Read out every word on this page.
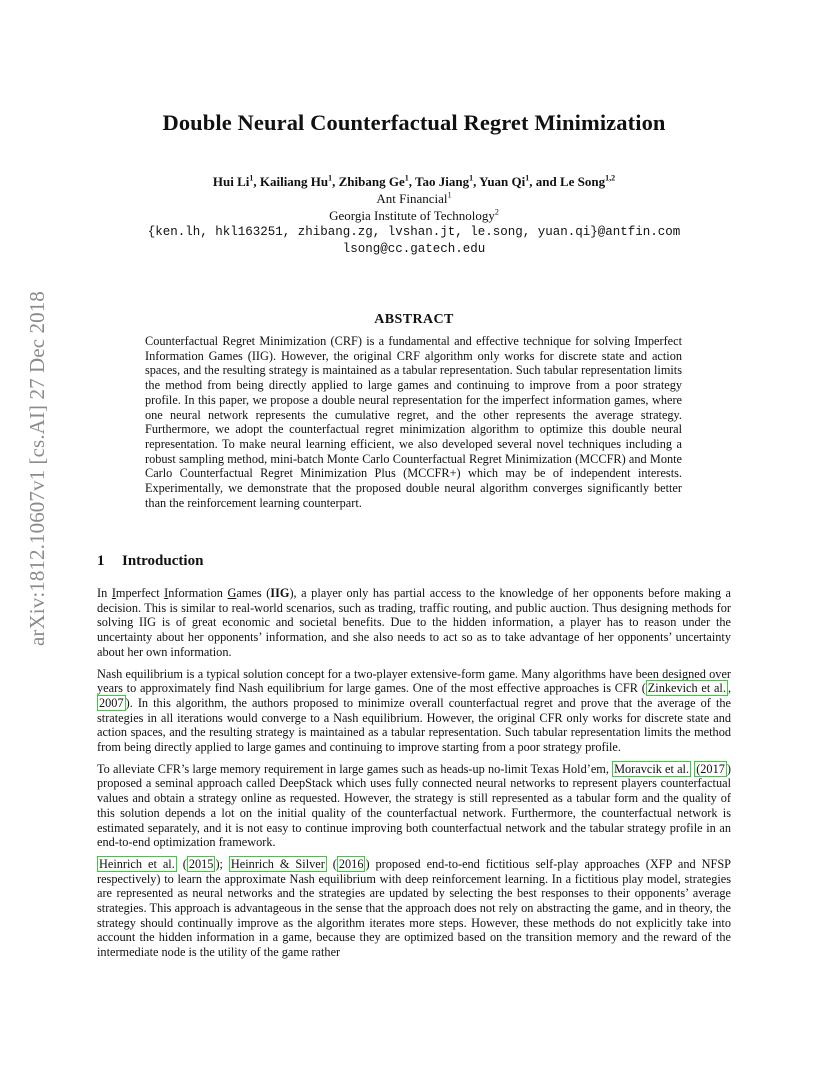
arXiv:1812.10607v1 [cs.AI] 27 Dec 2018
Double Neural Counterfactual Regret Minimization
Hui Li$^1$, Kailiang Hu$^1$, Zhibang Ge$^1$, Tao Jiang$^1$, Yuan Qi$^1$, and Le Song$^{1,2}$
Ant Financial$^1$
Georgia Institute of Technology$^2$
{ken.lh, hkl163251, zhibang.zg, lvshan.jt, le.song, yuan.qi}@antfin.com
lsong@cc.gatech.edu
ABSTRACT
Counterfactual Regret Minimization (CRF) is a fundamental and effective technique for solving Imperfect Information Games (IIG). However, the original CRF algorithm only works for discrete state and action spaces, and the resulting strategy is maintained as a tabular representation. Such tabular representation limits the method from being directly applied to large games and continuing to improve from a poor strategy profile. In this paper, we propose a double neural representation for the imperfect information games, where one neural network represents the cumulative regret, and the other represents the average strategy. Furthermore, we adopt the counterfactual regret minimization algorithm to optimize this double neural representation. To make neural learning efficient, we also developed several novel techniques including a robust sampling method, mini-batch Monte Carlo Counterfactual Regret Minimization (MCCFR) and Monte Carlo Counterfactual Regret Minimization Plus (MCCFR+) which may be of independent interests. Experimentally, we demonstrate that the proposed double neural algorithm converges significantly better than the reinforcement learning counterpart.
1 Introduction

In Imperfect Information Games (IIG), a player only has partial access to the knowledge of her opponents before making a decision. This is similar to real-world scenarios, such as trading, traffic routing, and public auction. Thus designing methods for solving IIG is of great economic and societal benefits. Due to the hidden information, a player has to reason under the uncertainty about her opponents’ information, and she also needs to act so as to take advantage of her opponents’ uncertainty about her own information.

Nash equilibrium is a typical solution concept for a two-player extensive-form game. Many algorithms have been designed over years to approximately find Nash equilibrium for large games. One of the most effective approaches is CFR ( Zinkevich et al. , 2007 ). In this algorithm, the authors proposed to minimize overall counterfactual regret and prove that the average of the strategies in all iterations would converge to a Nash equilibrium. However, the original CFR only works for discrete state and action spaces, and the resulting strategy is maintained as a tabular representation. Such tabular representation limits the method from being directly applied to large games and continuing to improve starting from a poor strategy profile.

To alleviate CFR’s large memory requirement in large games such as heads-up no-limit Texas Hold’em, Moravcik et al. (2017 ) proposed a seminal approach called DeepStack which uses fully connected neural networks to represent players counterfactual values and obtain a strategy online as requested. However, the strategy is still represented as a tabular form and the quality of this solution depends a lot on the initial quality of the counterfactual network. Furthermore, the counterfactual network is estimated separately, and it is not easy to continue improving both counterfactual network and the tabular strategy profile in an end-to-end optimization framework.

Heinrich et al. ( 2015 ); Heinrich & Silver ( 2016 ) proposed end-to-end fictitious self-play approaches (XFP and NFSP respectively) to learn the approximate Nash equilibrium with deep reinforcement learning. In a fictitious play model, strategies are represented as neural networks and the strategies are updated by selecting the best responses to their opponents’ average strategies. This approach is advantageous in the sense that the approach does not rely on abstracting the game, and in theory, the strategy should continually improve as the algorithm iterates more steps. However, these methods do not explicitly take into account the hidden information in a game, because they are optimized based on the transition memory and the reward of the intermediate node is the utility of the game rather
